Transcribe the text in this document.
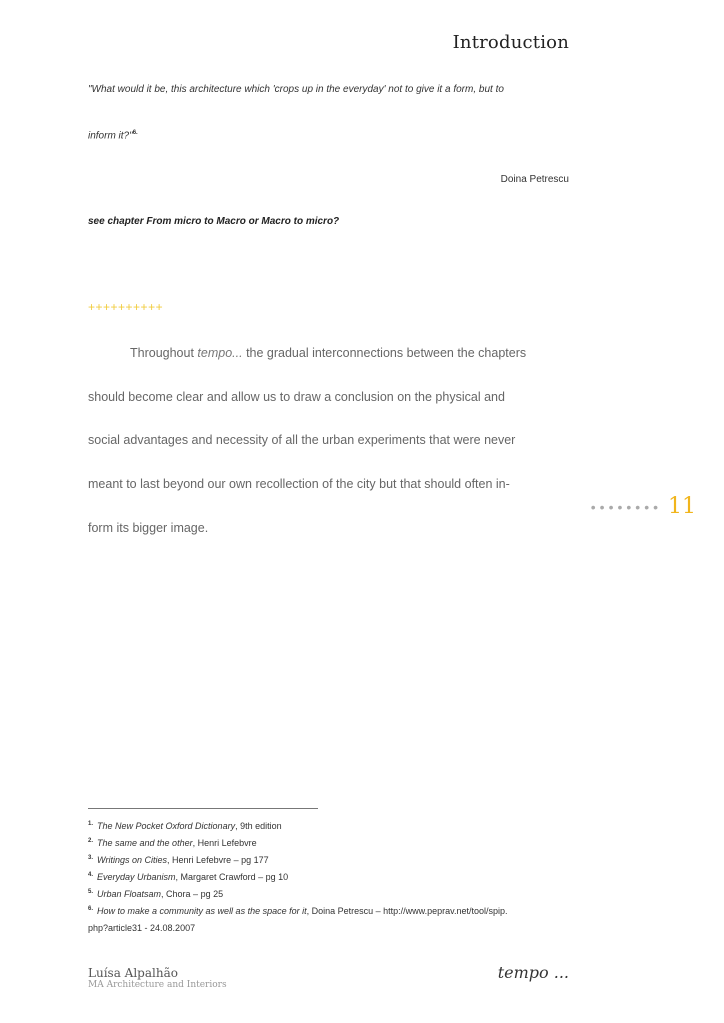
Introduction
"What would it be, this architecture which 'crops up in the everyday' not to give it a form, but to
inform it?"$^{6.}$
Doina Petrescu
see chapter From micro to Macro or Macro to micro?
++++++++++
Throughout tempo... the gradual interconnections between the chapters
should become clear and allow us to draw a conclusion on the physical and
social advantages and necessity of all the urban experiments that were never
meant to last beyond our own recollection of the city but that should often in-
form its bigger image.
•••••••• 11
$^{1.}$ The New Pocket Oxford Dictionary, 9th edition
$^{2.}$ The same and the other, Henri Lefebvre
$^{3.}$ Writings on Cities, Henri Lefebvre – pg 177
$^{4.}$ Everyday Urbanism, Margaret Crawford – pg 10
$^{5.}$ Urban Floatsam, Chora – pg 25
$^{6.}$ How to make a community as well as the space for it, Doina Petrescu – http://www.peprav.net/tool/spip.
php?article31 - 24.08.2007
Luísa Alpalhão
MA Architecture and Interiors
tempo ...
